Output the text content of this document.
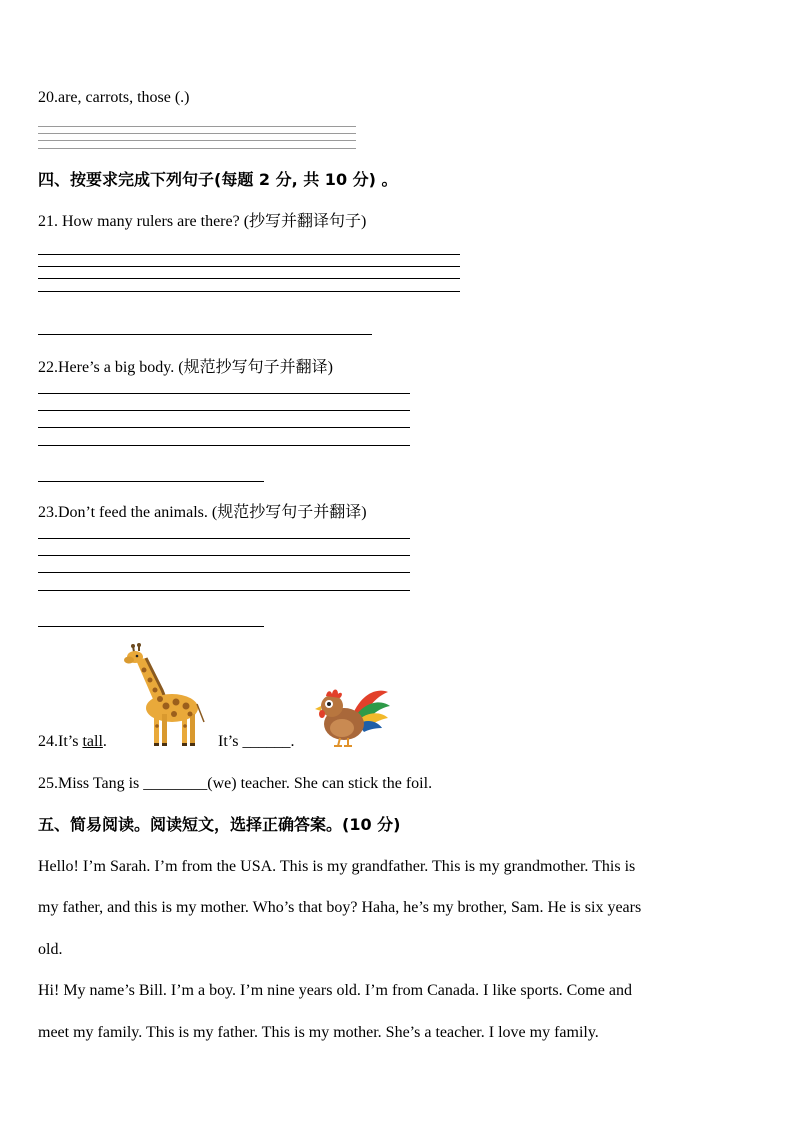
20.are, carrots, those (.)
四、按要求完成下列句子(每题 2 分, 共 10 分) 。
21. How many rulers are there? (抄写并翻译句子)
22.Here’s a big body. (规范抄写句子并翻译)
23.Don’t feed the animals. (规范抄写句子并翻译)
24.It’s tall.	It’s ______.
25.Miss Tang is ________(we) teacher. She can stick the foil.
五、简易阅读。阅读短文，选择正确答案。(10 分)
Hello! I’m Sarah. I’m from the USA. This is my grandfather. This is my grandmother. This is
my father, and this is my mother. Who’s that boy? Haha, he’s my brother, Sam. He is six years
old.
Hi! My name’s Bill. I’m a boy. I’m nine years old. I’m from Canada. I like sports. Come and
meet my family. This is my father. This is my mother. She’s a teacher. I love my family.
